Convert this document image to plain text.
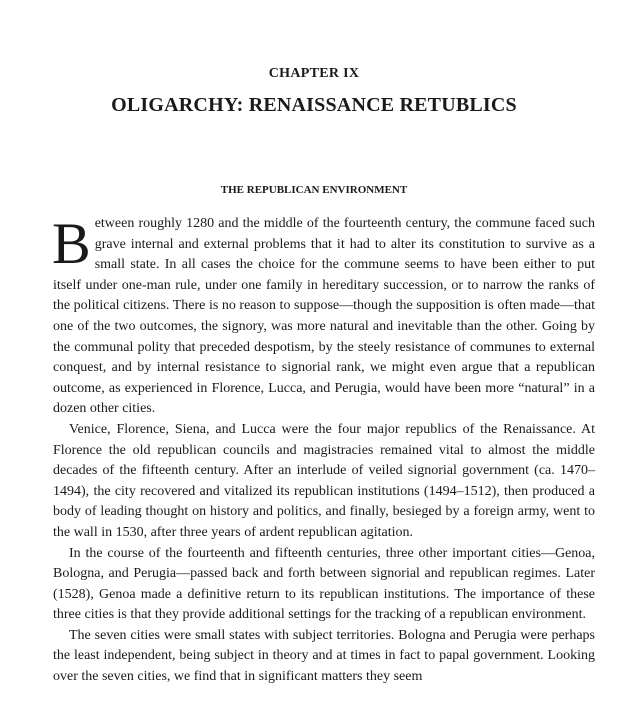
CHAPTER IX
OLIGARCHY: RENAISSANCE RETUBLICS
THE REPUBLICAN ENVIRONMENT

Between roughly 1280 and the middle of the fourteenth century, the commune faced such grave internal and external problems that it had to alter its constitution to survive as a small state. In all cases the choice for the commune seems to have been either to put itself under one-man rule, under one family in hereditary succession, or to narrow the ranks of the political citizens. There is no reason to suppose—though the supposition is often made—that one of the two outcomes, the signory, was more natural and inevitable than the other. Going by the communal polity that preceded despotism, by the steely resistance of communes to external conquest, and by internal resistance to signorial rank, we might even argue that a republican outcome, as experienced in Florence, Lucca, and Perugia, would have been more “natural” in a dozen other cities.

Venice, Florence, Siena, and Lucca were the four major republics of the Renaissance. At Florence the old republican councils and magistracies remained vital to almost the middle decades of the fifteenth century. After an interlude of veiled signorial government (ca. 1470–1494), the city recovered and vitalized its republican institutions (1494–1512), then produced a body of leading thought on history and politics, and finally, besieged by a foreign army, went to the wall in 1530, after three years of ardent republican agitation.

In the course of the fourteenth and fifteenth centuries, three other important cities—Genoa, Bologna, and Perugia—passed back and forth between signorial and republican regimes. Later (1528), Genoa made a definitive return to its republican institutions. The importance of these three cities is that they provide additional settings for the tracking of a republican environment.

The seven cities were small states with subject territories. Bologna and Perugia were perhaps the least independent, being subject in theory and at times in fact to papal government. Looking over the seven cities, we find that in significant matters they seem
